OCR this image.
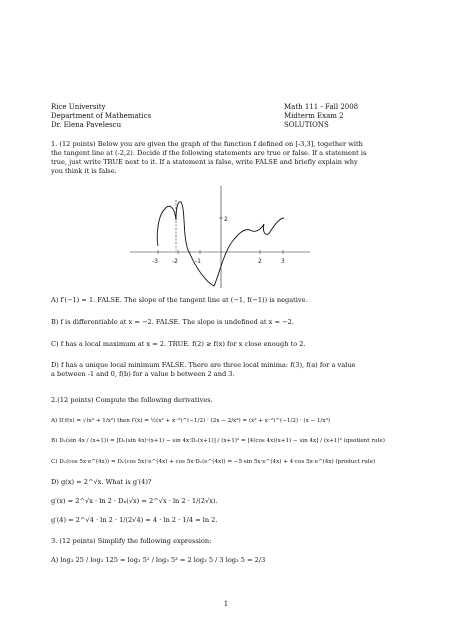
Rice University
Department of Mathematics
Dr. Elena Pavelescu
Math 111 - Fall 2008
Midterm Exam 2
SOLUTIONS
1. (12 points) Below you are given the graph of the function f defined on [-3,3], together with
the tangent line at (-2,2). Decide if the following statements are true or false. If a statement is
true, just write TRUE next to it. If a statement is false, write FALSE and briefly explain why
you think it is false.
-3 -2	-1	2	3
2
A) f′(−1) = 1. FALSE. The slope of the tangent line at (−1, f(−1)) is negative.
B) f is differentiable at x = −2. FALSE. The slope is undefined at x = −2.
C) f has a local maximum at x = 2. TRUE. f(2) ≥ f(x) for x close enough to 2.
D) f has a unique local minimum FALSE. There are three local minima: f(3), f(a) for a value
a between -1 and 0, f(b) for a value b between 2 and 3.
2.(12 points) Compute the following derivatives.
A) If f(x) = √(x² + 1/x²) then f′(x) = ½(x² + x⁻²)^(−1/2) · (2x − 2/x³) = (x² + x⁻²)^(−1/2) · (x − 1/x³)
B) Dₓ(sin 4x / (x+1)) = [Dₓ(sin 4x)·(x+1) − sin 4x·Dₓ(x+1)] / (x+1)² = [4(cos 4x)(x+1) − sin 4x] / (x+1)² (quotient rule)
C) Dₓ(cos 5x·e^(4x)) = Dₓ(cos 5x)·e^(4x) + cos 5x·Dₓ(e^(4x)) = −5·sin 5x·e^(4x) + 4·cos 5x·e^(4x) (product rule)
D) g(x) = 2^√x. What is g′(4)?
g′(x) = 2^√x · ln 2 · Dₓ(√x) = 2^√x · ln 2 · 1/(2√x).
g′(4) = 2^√4 · ln 2 · 1/(2√4) = 4 · ln 2 · 1/4 = ln 2.
3. (12 points) Simplify the following expression:
A) log₃ 25 / log₃ 125 = log₃ 5² / log₃ 5³ = 2 log₃ 5 / 3 log₃ 5 = 2/3
1
